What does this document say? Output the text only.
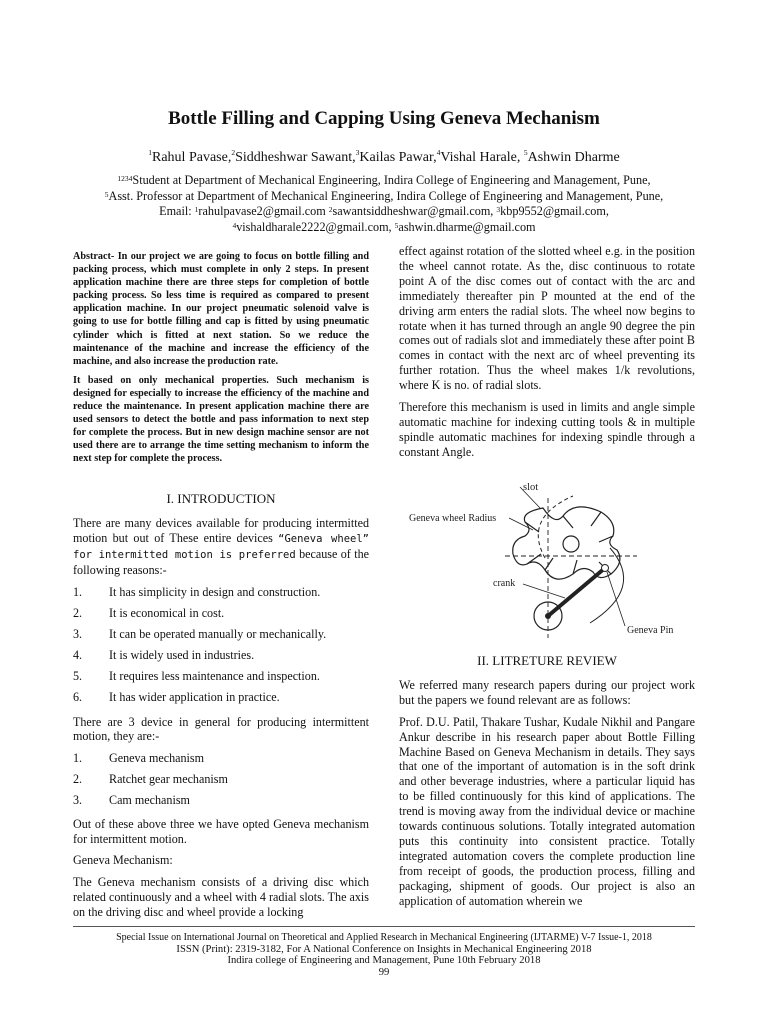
Bottle Filling and Capping Using Geneva Mechanism
$^1$Rahul Pavase,$^2$Siddheshwar Sawant,$^3$Kailas Pawar,$^4$Vishal Harale, $^5$Ashwin Dharme
$^{1234}$Student at Department of Mechanical Engineering, Indira College of Engineering and Management, Pune,
$^5$Asst. Professor at Department of Mechanical Engineering, Indira College of Engineering and Management, Pune,
Email: $^1$rahulpavase2@gmail.com $^2$sawantsiddheshwar@gmail.com, $^3$kbp9552@gmail.com,
$^4$vishaldharale2222@gmail.com, $^5$ashwin.dharme@gmail.com

Abstract- In our project we are going to focus on bottle filling and packing process, which must complete in only 2 steps. In present application machine there are three steps for completion of bottle packing process. So less time is required as compared to present application machine. In our project pneumatic solenoid valve is going to use for bottle filling and cap is fitted by using pneumatic cylinder which is fitted at next station. So we reduce the maintenance of the machine and increase the efficiency of the machine, and also increase the production rate.

It based on only mechanical properties. Such mechanism is designed for especially to increase the efficiency of the machine and reduce the maintenance. In present application machine there are used sensors to detect the bottle and pass information to next step for complete the process. But in new design machine sensor are not used there are to arrange the time setting mechanism to inform the next step for complete the process.

I. INTRODUCTION

There are many devices available for producing intermitted motion but out of These entire devices “Geneva wheel” for intermitted motion is preferred because of the following reasons:-

1.	It has simplicity in design and construction.
2.	It is economical in cost.
3.	It can be operated manually or mechanically.
4.	It is widely used in industries.
5.	It requires less maintenance and inspection.
6.	It has wider application in practice.

There are 3 device in general for producing intermittent motion, they are:-

1.	Geneva mechanism
2.	Ratchet gear mechanism
3.	Cam mechanism

Out of these above three we have opted Geneva mechanism for intermittent motion.

Geneva Mechanism:

The Geneva mechanism consists of a driving disc which related continuously and a wheel with 4 radial slots. The axis on the driving disc and wheel provide a locking

effect against rotation of the slotted wheel e.g. in the position the wheel cannot rotate. As the, disc continuous to rotate point A of the disc comes out of contact with the arc and immediately thereafter pin P mounted at the end of the driving arm enters the radial slots. The wheel now begins to rotate when it has turned through an angle 90 degree the pin comes out of radials slot and immediately these after point B comes in contact with the next arc of wheel preventing its further rotation. Thus the wheel makes 1/k revolutions, where K is no. of radial slots.

Therefore this mechanism is used in limits and angle simple automatic machine for indexing cutting tools & in multiple spindle automatic machines for indexing spindle through a constant Angle.

slot
Geneva wheel Radius
crank
Geneva Pin

II. LITRETURE REVIEW

We referred many research papers during our project work but the papers we found relevant are as follows:

Prof. D.U. Patil, Thakare Tushar, Kudale Nikhil and Pangare Ankur describe in his research paper about Bottle Filling Machine Based on Geneva Mechanism in details. They says that one of the important of automation is in the soft drink and other beverage industries, where a particular liquid has to be filled continuously for this kind of applications. The trend is moving away from the individual device or machine towards continuous solutions. Totally integrated automation puts this continuity into consistent practice. Totally integrated automation covers the complete production line from receipt of goods, the production process, filling and packaging, shipment of goods. Our project is also an application of automation wherein we

Special Issue on International Journal on Theoretical and Applied Research in Mechanical Engineering (IJTARME) V-7 Issue-1, 2018
ISSN (Print): 2319-3182, For A National Conference on Insights in Mechanical Engineering 2018
Indira college of Engineering and Management, Pune 10th February 2018
99
